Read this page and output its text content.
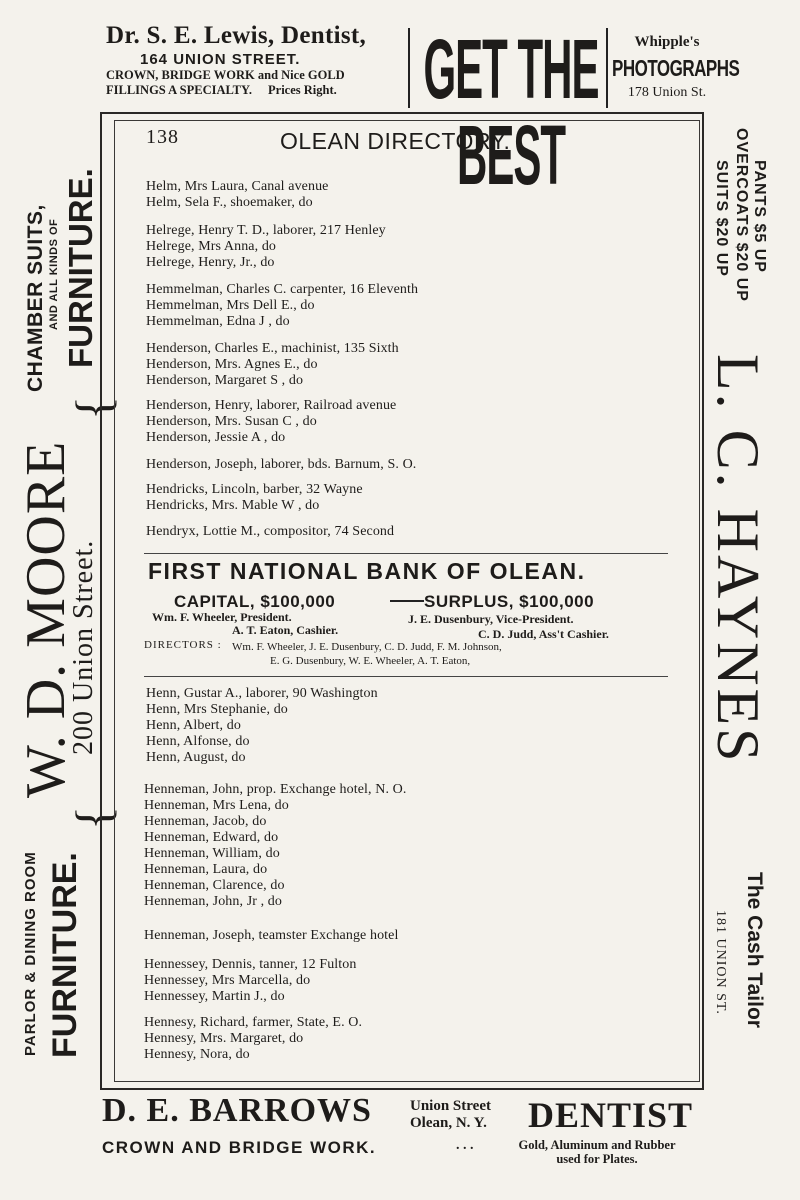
Dr. S. E. Lewis, Dentist,
164 UNION STREET.
CROWN, BRIDGE WORK and Nice GOLD
FILLINGS A SPECIALTY. Prices Right.	GET THE BEST
Whipple's
PHOTOGRAPHS
178 Union St.
PARLOR & DINING ROOM FURNITURE.
{
W. D. MOORE
200 Union Street.
{
CHAMBER SUITS, AND ALL KINDS OF FURNITURE.	PANTS $5 UP
OVERCOATS $20 UP
SUITS $20 UP
L. C. HAYNES
The Cash Tailor
181 UNION ST.
138	OLEAN DIRECTORY.
Helm, Mrs Laura, Canal avenue
Helm, Sela F., shoemaker, do
Helrege, Henry T. D., laborer, 217 Henley
Helrege, Mrs Anna, do
Helrege, Henry, Jr., do
Hemmelman, Charles C. carpenter, 16 Eleventh
Hemmelman, Mrs Dell E., do
Hemmelman, Edna J , do
Henderson, Charles E., machinist, 135 Sixth
Henderson, Mrs. Agnes E., do
Henderson, Margaret S , do
Henderson, Henry, laborer, Railroad avenue
Henderson, Mrs. Susan C , do
Henderson, Jessie A , do
Henderson, Joseph, laborer, bds. Barnum, S. O.
Hendricks, Lincoln, barber, 32 Wayne
Hendricks, Mrs. Mable W , do
Hendryx, Lottie M., compositor, 74 Second
FIRST NATIONAL BANK OF OLEAN.
CAPITAL, $100,000	SURPLUS, $100,000
Wm. F. Wheeler, President.	J. E. Dusenbury, Vice-President.
A. T. Eaton, Cashier.	C. D. Judd, Ass't Cashier.
DIRECTORS : Wm. F. Wheeler, J. E. Dusenbury, C. D. Judd, F. M. Johnson,
E. G. Dusenbury, W. E. Wheeler, A. T. Eaton,
Henn, Gustar A., laborer, 90 Washington
Henn, Mrs Stephanie, do
Henn, Albert, do
Henn, Alfonse, do
Henn, August, do
Henneman, John, prop. Exchange hotel, N. O.
Henneman, Mrs Lena, do
Henneman, Jacob, do
Henneman, Edward, do
Henneman, William, do
Henneman, Laura, do
Henneman, Clarence, do
Henneman, John, Jr , do
Henneman, Joseph, teamster Exchange hotel
Hennessey, Dennis, tanner, 12 Fulton
Hennessey, Mrs Marcella, do
Hennessey, Martin J., do
Hennesy, Richard, farmer, State, E. O.
Hennesy, Mrs. Margaret, do
Hennesy, Nora, do
D. E. BARROWS	Union Street
Olean, N. Y. DENTIST
CROWN AND BRIDGE WORK.	. . .	Gold, Aluminum and Rubber
used for Plates.
